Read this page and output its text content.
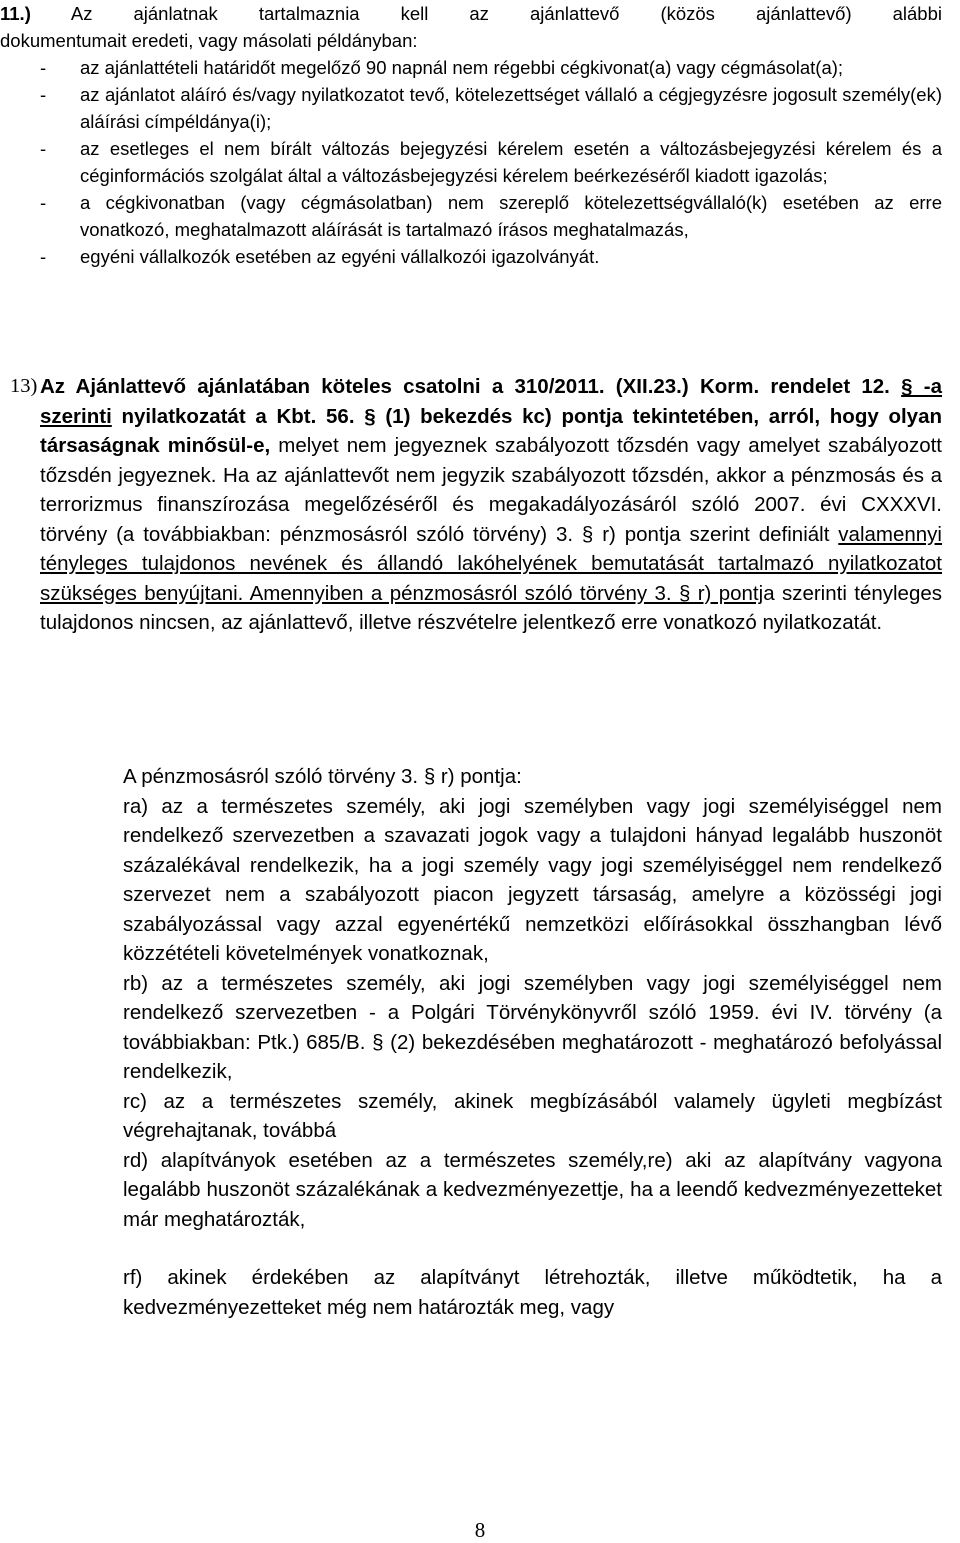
11.) Az ajánlatnak tartalmaznia kell az ajánlattevő (közös ajánlattevő) alábbi

dokumentumait eredeti, vagy másolati példányban:

- az ajánlattételi határidőt megelőző 90 napnál nem régebbi cégkivonat(a) vagy cégmásolat(a);

- az ajánlatot aláíró és/vagy nyilatkozatot tevő, kötelezettséget vállaló a cégjegyzésre jogosult személy(ek) aláírási címpéldánya(i);

- az esetleges el nem bírált változás bejegyzési kérelem esetén a változásbejegyzési kérelem és a céginformációs szolgálat által a változásbejegyzési kérelem beérkezéséről kiadott igazolás;

- a cégkivonatban (vagy cégmásolatban) nem szereplő kötelezettségvállaló(k) esetében az erre vonatkozó, meghatalmazott aláírását is tartalmazó írásos meghatalmazás,

- egyéni vállalkozók esetében az egyéni vállalkozói igazolványát.

13) Az Ajánlattevő ajánlatában köteles csatolni a 310/2011. (XII.23.) Korm. rendelet 12. § -a szerinti nyilatkozatát a Kbt. 56. § (1) bekezdés kc) pontja tekintetében, arról, hogy olyan társaságnak minősül-e, melyet nem jegyeznek szabályozott tőzsdén vagy amelyet szabályozott tőzsdén jegyeznek. Ha az ajánlattevőt nem jegyzik szabályozott tőzsdén, akkor a pénzmosás és a terrorizmus finanszírozása megelőzéséről és megakadályozásáról szóló 2007. évi CXXXVI. törvény (a továbbiakban: pénzmosásról szóló törvény) 3. § r) pontja szerint definiált valamennyi tényleges tulajdonos nevének és állandó lakóhelyének bemutatását tartalmazó nyilatkozatot szükséges benyújtani. Amennyiben a pénzmosásról szóló törvény 3. § r) pontja szerinti tényleges tulajdonos nincsen, az ajánlattevő, illetve részvételre jelentkező erre vonatkozó nyilatkozatát.

A pénzmosásról szóló törvény 3. § r) pontja:

ra) az a természetes személy, aki jogi személyben vagy jogi személyiséggel nem rendelkező szervezetben a szavazati jogok vagy a tulajdoni hányad legalább huszonöt százalékával rendelkezik, ha a jogi személy vagy jogi személyiséggel nem rendelkező szervezet nem a szabályozott piacon jegyzett társaság, amelyre a közösségi jogi szabályozással vagy azzal egyenértékű nemzetközi előírásokkal összhangban lévő közzétételi követelmények vonatkoznak,

rb) az a természetes személy, aki jogi személyben vagy jogi személyiséggel nem rendelkező szervezetben - a Polgári Törvénykönyvről szóló 1959. évi IV. törvény (a továbbiakban: Ptk.) 685/B. § (2) bekezdésében meghatározott - meghatározó befolyással rendelkezik,

rc) az a természetes személy, akinek megbízásából valamely ügyleti megbízást végrehajtanak, továbbá

rd) alapítványok esetében az a természetes személy,re) aki az alapítvány vagyona legalább huszonöt százalékának a kedvezményezettje, ha a leendő kedvezményezetteket már meghatározták,

rf) akinek érdekében az alapítványt létrehozták, illetve működtetik, ha a kedvezményezetteket még nem határozták meg, vagy

8
